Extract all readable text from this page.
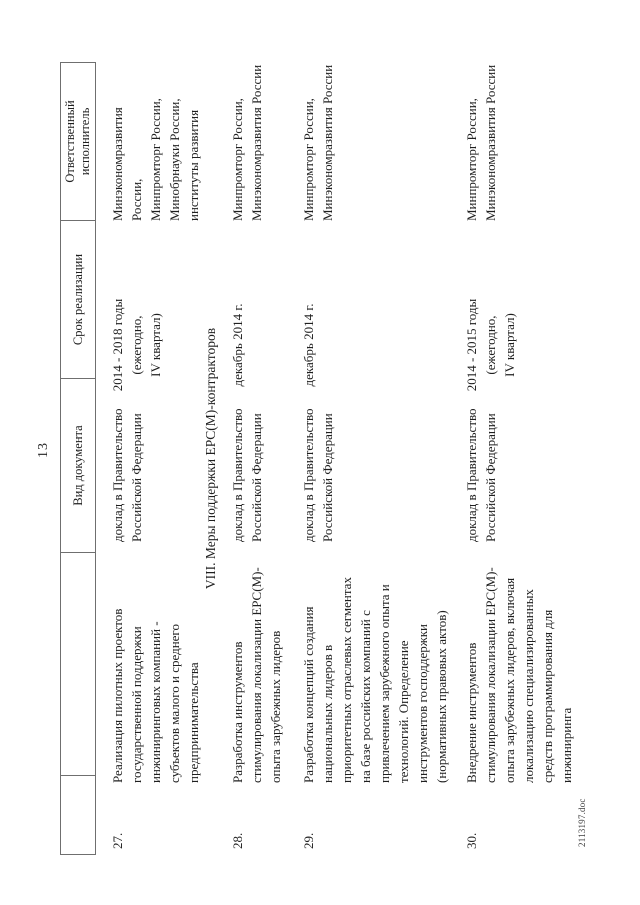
13 Вид документа
Срок реализации
Ответственный исполнитель
27.
Реализация пилотных проектов государственной поддержки инжиниринговых компаний - субъектов малого и среднего предпринимательства
доклад в Правительство Российской Федерации
2014 - 2018 годы (ежегодно, IV квартал)
Минэкономразвития России, Минпромторг России, Минобрнауки России, институты развития
VIII. Меры поддержки EPC(M)-контракторов
28.
Разработка инструментов стимулирования локализации EPC(M)- опыта зарубежных лидеров
доклад в Правительство Российской Федерации
декабрь 2014 г.
Минпромторг России, Минэкономразвития России
29.
Разработка концепций создания национальных лидеров в приоритетных отраслевых сегментах на базе российских компаний с привлечением зарубежного опыта и технологий. Определение инструментов господдержки (нормативных правовых актов)
доклад в Правительство Российской Федерации
декабрь 2014 г.
Минпромторг России, Минэкономразвития России
30.
Внедрение инструментов стимулирования локализации EPC(M)- опыта зарубежных лидеров, включая локализацию специализированных средств программирования для инжиниринга
доклад в Правительство Российской Федерации
2014 - 2015 годы (ежегодно, IV квартал)
Минпромторг России, Минэкономразвития России
2113197.doc
